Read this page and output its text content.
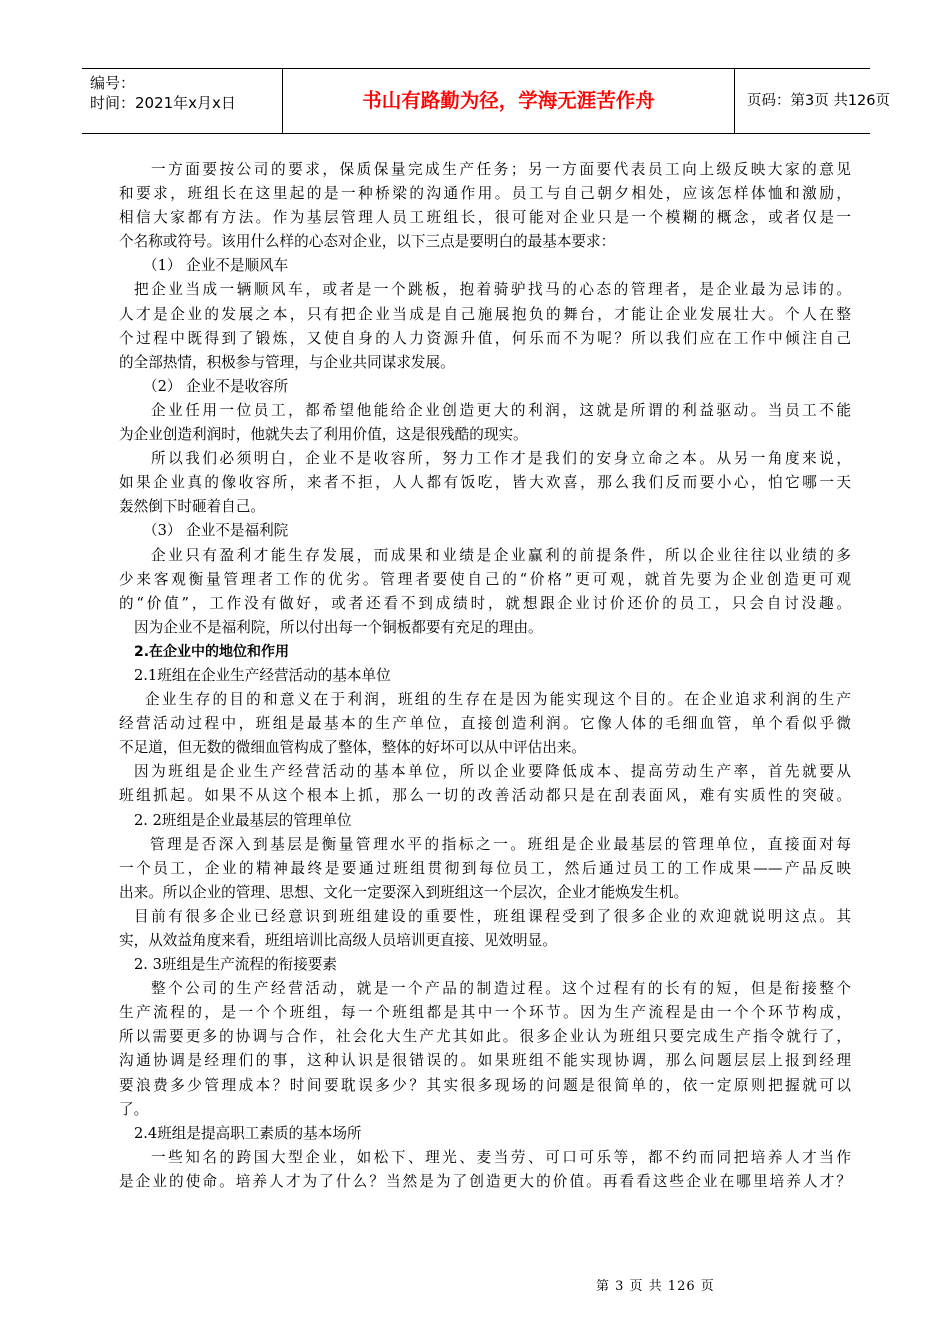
编号：
时间：2021年x月x日	书山有路勤为径，学海无涯苦作舟	页码：第3页 共126页
一方面要按公司的要求，保质保量完成生产任务；另一方面要代表员工向上级反映大家的意见
和要求，班组长在这里起的是一种桥梁的沟通作用。员工与自己朝夕相处，应该怎样体恤和激励，
相信大家都有方法。作为基层管理人员工班组长，很可能对企业只是一个模糊的概念，或者仅是一
个名称或符号。该用什么样的心态对企业，以下三点是要明白的最基本要求：
（1） 企业不是顺风车
把企业当成一辆顺风车，或者是一个跳板，抱着骑驴找马的心态的管理者，是企业最为忌讳的。
人才是企业的发展之本，只有把企业当成是自己施展抱负的舞台，才能让企业发展壮大。个人在整
个过程中既得到了锻炼，又使自身的人力资源升值，何乐而不为呢？所以我们应在工作中倾注自己
的全部热情，积极参与管理，与企业共同谋求发展。
（2） 企业不是收容所
企业任用一位员工，都希望他能给企业创造更大的利润，这就是所谓的利益驱动。当员工不能
为企业创造利润时，他就失去了利用价值，这是很残酷的现实。
所以我们必须明白，企业不是收容所，努力工作才是我们的安身立命之本。从另一角度来说，
如果企业真的像收容所，来者不拒，人人都有饭吃，皆大欢喜，那么我们反而要小心，怕它哪一天
轰然倒下时砸着自己。
（3） 企业不是福利院
企业只有盈利才能生存发展，而成果和业绩是企业赢利的前提条件，所以企业往往以业绩的多
少来客观衡量管理者工作的优劣。管理者要使自己的“价格”更可观，就首先要为企业创造更可观
的“价值”，工作没有做好，或者还看不到成绩时，就想跟企业讨价还价的员工，只会自讨没趣。
因为企业不是福利院，所以付出每一个铜板都要有充足的理由。
2.在企业中的地位和作用
2.1班组在企业生产经营活动的基本单位
企业生存的目的和意义在于利润，班组的生存在是因为能实现这个目的。在企业追求利润的生产
经营活动过程中，班组是最基本的生产单位，直接创造利润。它像人体的毛细血管，单个看似乎微
不足道，但无数的微细血管构成了整体，整体的好坏可以从中评估出来。
因为班组是企业生产经营活动的基本单位，所以企业要降低成本、提高劳动生产率，首先就要从
班组抓起。如果不从这个根本上抓，那么一切的改善活动都只是在刮表面风，难有实质性的突破。
2. 2班组是企业最基层的管理单位
管理是否深入到基层是衡量管理水平的指标之一。班组是企业最基层的管理单位，直接面对每
一个员工，企业的精神最终是要通过班组贯彻到每位员工，然后通过员工的工作成果——产品反映
出来。所以企业的管理、思想、文化一定要深入到班组这一个层次，企业才能焕发生机。
目前有很多企业已经意识到班组建设的重要性，班组课程受到了很多企业的欢迎就说明这点。其
实，从效益角度来看，班组培训比高级人员培训更直接、见效明显。
2. 3班组是生产流程的衔接要素
整个公司的生产经营活动，就是一个产品的制造过程。这个过程有的长有的短，但是衔接整个
生产流程的，是一个个班组，每一个班组都是其中一个环节。因为生产流程是由一个个环节构成，
所以需要更多的协调与合作，社会化大生产尤其如此。很多企业认为班组只要完成生产指令就行了，
沟通协调是经理们的事，这种认识是很错误的。如果班组不能实现协调，那么问题层层上报到经理
要浪费多少管理成本？时间要耽误多少？其实很多现场的问题是很简单的，依一定原则把握就可以
了。
2.4班组是提高职工素质的基本场所
一些知名的跨国大型企业，如松下、理光、麦当劳、可口可乐等，都不约而同把培养人才当作
是企业的使命。培养人才为了什么？当然是为了创造更大的价值。再看看这些企业在哪里培养人才？
第 3 页 共 126 页
